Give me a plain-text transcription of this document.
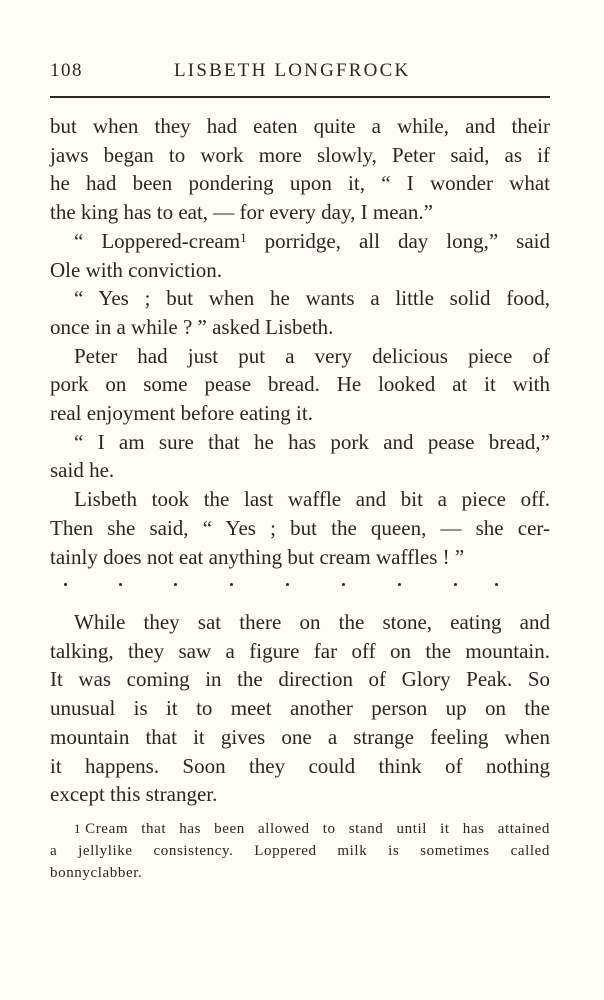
108	LISBETH LONGFROCK

but when they had eaten quite a while, and their
jaws began to work more slowly, Peter said, as if
he had been pondering upon it, “ I wonder what
the king has to eat, — for every day, I mean.”

“ Loppered-cream$^1$ porridge, all day long,” said
Ole with conviction.

“ Yes ; but when he wants a little solid food,
once in a while ? ” asked Lisbeth.

Peter had just put a very delicious piece of
pork on some pease bread. He looked at it with
real enjoyment before eating it.

“ I am sure that he has pork and pease bread,”
said he.

Lisbeth took the last waffle and bit a piece off.
Then she said, “ Yes ; but the queen, — she cer-
tainly does not eat anything but cream waffles ! ”

While they sat there on the stone, eating and
talking, they saw a figure far off on the mountain.
It was coming in the direction of Glory Peak. So
unusual is it to meet another person up on the
mountain that it gives one a strange feeling when
it happens. Soon they could think of nothing
except this stranger.

1 Cream that has been allowed to stand until it has attained
a jellylike consistency. Loppered milk is sometimes called
bonnyclabber.
